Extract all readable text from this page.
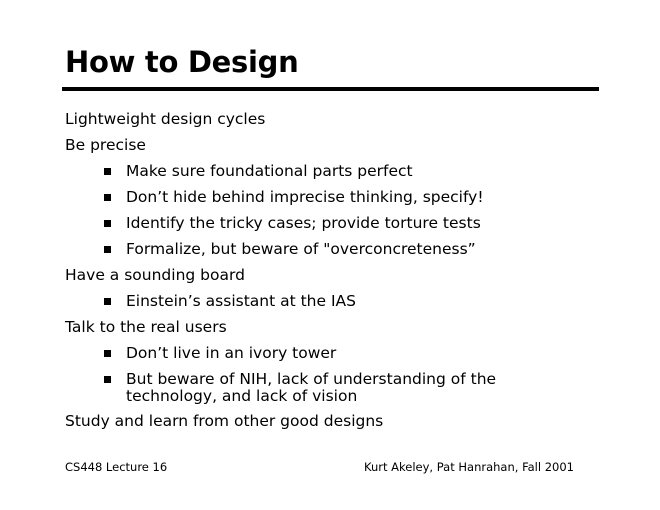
How to Design
Lightweight design cycles
Be precise
Make sure foundational parts perfect
Don’t hide behind imprecise thinking, specify!
Identify the tricky cases; provide torture tests
Formalize, but beware of "overconcreteness”
Have a sounding board
Einstein’s assistant at the IAS
Talk to the real users
Don’t live in an ivory tower
But beware of NIH, lack of understanding of the
technology, and lack of vision
Study and learn from other good designs
CS448 Lecture 16	Kurt Akeley, Pat Hanrahan, Fall 2001
